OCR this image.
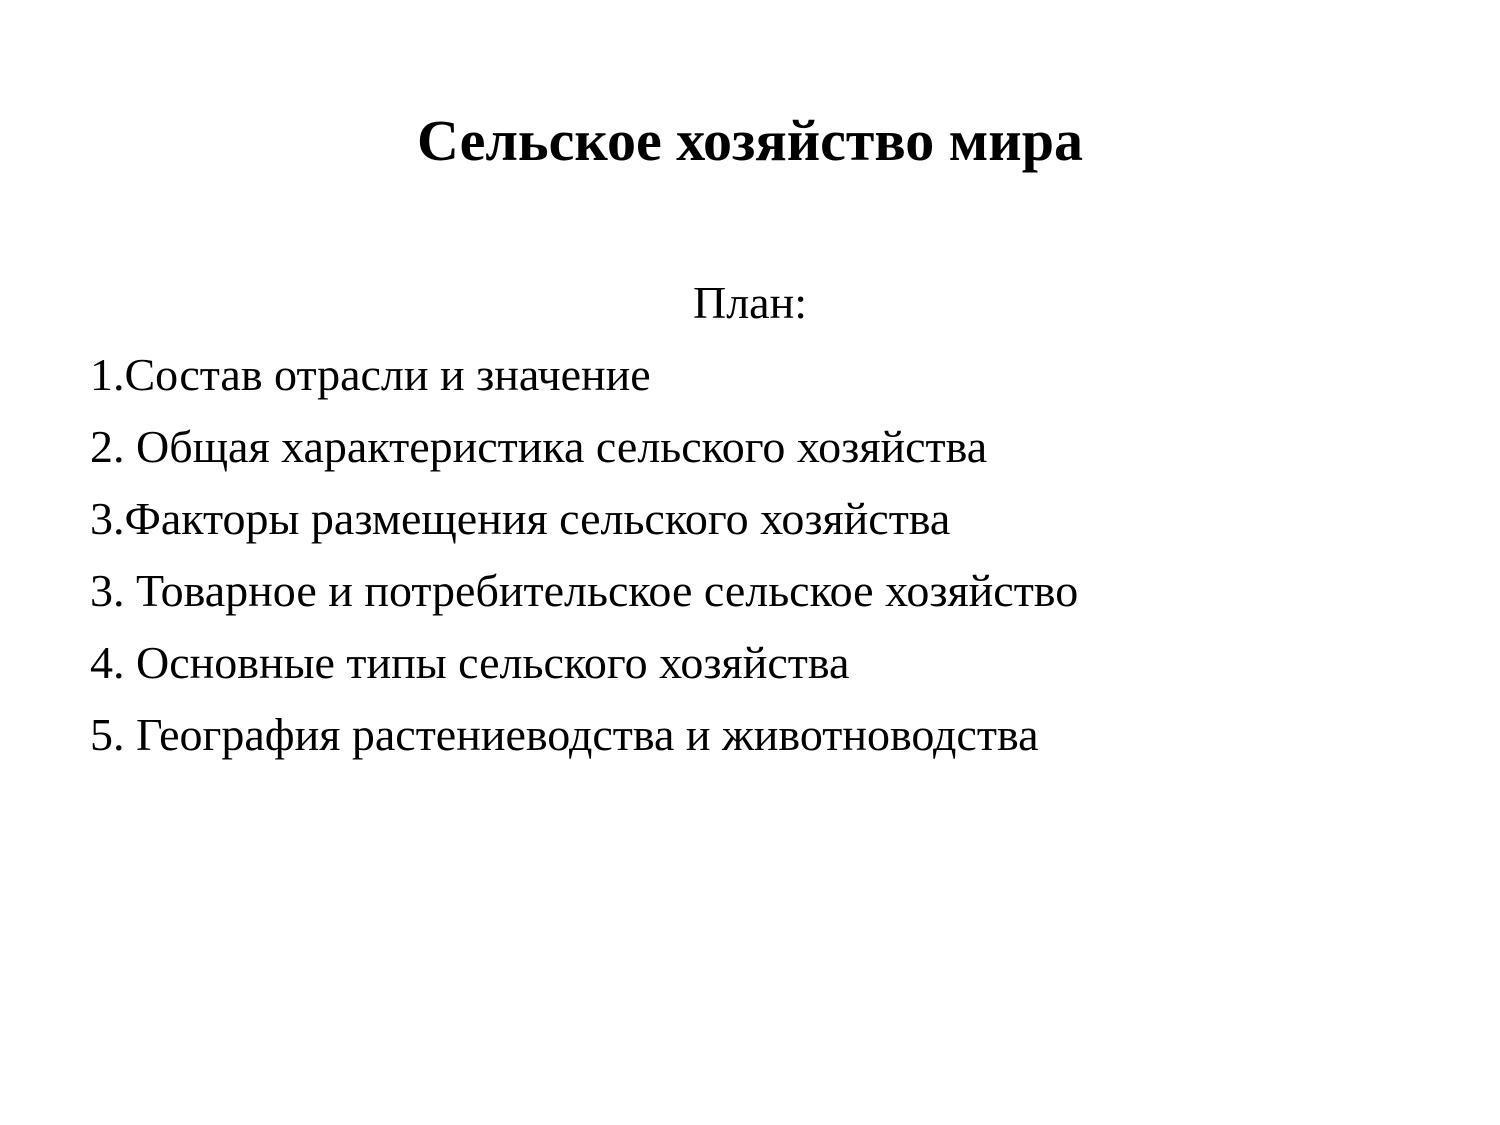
Сельское хозяйство мира
План:
1.Состав отрасли и значение
2. Общая характеристика сельского хозяйства
3.Факторы размещения сельского хозяйства
3. Товарное и потребительское сельское хозяйство
4. Основные типы сельского хозяйства
5. География растениеводства и животноводства
